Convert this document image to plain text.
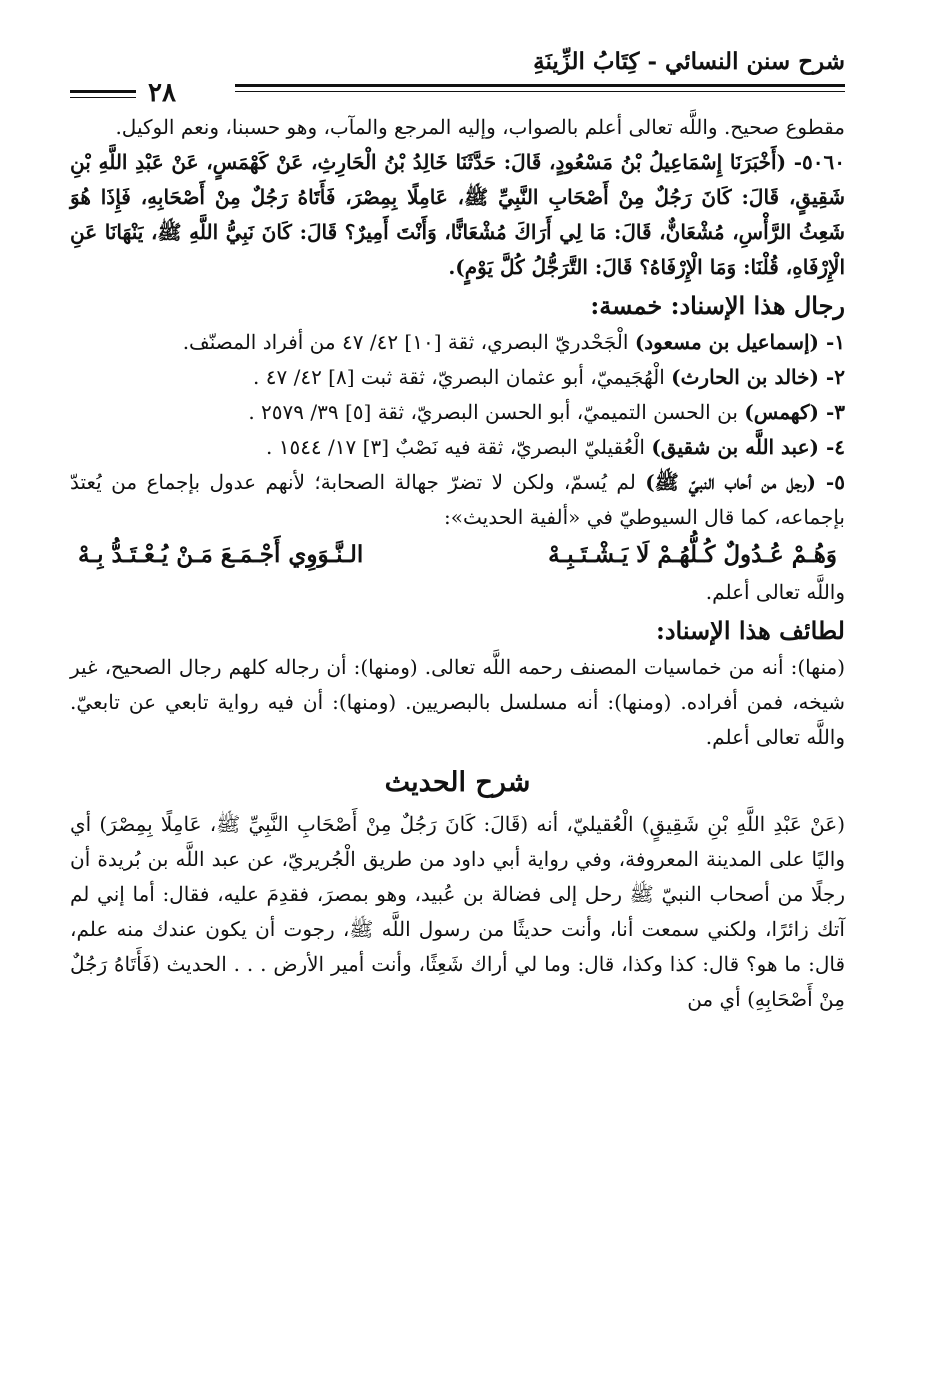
شرح سنن النسائي - كِتَابُ الزِّينَةِ
٢٨

مقطوع صحيح. واللَّه تعالى أعلم بالصواب، وإليه المرجع والمآب، وهو حسبنا، ونعم الوكيل.

٥٠٦٠- (أَخْبَرَنَا إِسْمَاعِيلُ بْنُ مَسْعُودٍ، قَالَ: حَدَّثَنَا خَالِدُ بْنُ الْحَارِثِ، عَنْ كَهْمَسٍ، عَنْ عَبْدِ اللَّهِ بْنِ شَقِيقٍ، قَالَ: كَانَ رَجُلٌ مِنْ أَصْحَابِ النَّبِيِّ ﷺ، عَامِلًا بِمِصْرَ، فَأَتَاهُ رَجُلٌ مِنْ أَصْحَابِهِ، فَإِذَا هُوَ شَعِثُ الرَّأْسِ، مُشْعَانٌّ، قَالَ: مَا لِي أَرَاكَ مُشْعَانًّا، وَأَنْتَ أَمِيرٌ؟ قَالَ: كَانَ نَبِيُّ اللَّهِ ﷺ، يَنْهَانَا عَنِ الْإِرْفَاهِ، قُلْنَا: وَمَا الْإِرْفَاهُ؟ قَالَ: التَّرَجُّلُ كُلَّ يَوْمٍ).

رجال هذا الإسناد: خمسة:

١- (إسماعيل بن مسعود) الْجَحْدريّ البصري، ثقة [١٠] ٤٢/ ٤٧ من أفراد المصنّف.

٢- (خالد بن الحارث) الْهُجَيميّ، أبو عثمان البصريّ، ثقة ثبت [٨] ٤٢/ ٤٧ .

٣- (كهمس) بن الحسن التميميّ، أبو الحسن البصريّ، ثقة [٥] ٣٩/ ٢٥٧٩ .

٤- (عبد اللَّه بن شقيق) الْعُقيليّ البصريّ، ثقة فيه نَصْبٌ [٣] ١٧/ ١٥٤٤ .

٥- (رجل من أحاب النبيّ ﷺ) لم يُسمّ، ولكن لا تضرّ جهالة الصحابة؛ لأنهم عدول بإجماع من يُعتدّ بإجماعه، كما قال السيوطيّ في «ألفية الحديث»:

وَهُـمْ عُـدُولٌ كُـلُّهُـمْ لَا يَـشْـتَـبِـهْ
الـنَّـوَوِي أَجْـمَـعَ مَـنْ يُـعْـتَـدُّ بِـهْ

واللَّه تعالى أعلم.

لطائف هذا الإسناد:

(منها): أنه من خماسيات المصنف رحمه اللَّه تعالى. (ومنها): أن رجاله كلهم رجال الصحيح، غير شيخه، فمن أفراده. (ومنها): أنه مسلسل بالبصريين. (ومنها): أن فيه رواية تابعي عن تابعيّ. واللَّه تعالى أعلم.

شرح الحديث

(عَنْ عَبْدِ اللَّهِ بْنِ شَقِيقٍ) الْعُقيليّ، أنه (قَالَ: كَانَ رَجُلٌ مِنْ أَصْحَابِ النَّبِيِّ ﷺ، عَامِلًا بِمِصْرَ) أي واليًا على المدينة المعروفة، وفي رواية أبي داود من طريق الْجُريريّ، عن عبد اللَّه بن بُريدة أن رجلًا من أصحاب النبيّ ﷺ رحل إلى فضالة بن عُبيد، وهو بمصرَ، فقدِمَ عليه، فقال: أما إني لم آتك زائرًا، ولكني سمعت أنا، وأنت حديثًا من رسول اللَّه ﷺ، رجوت أن يكون عندك منه علم، قال: ما هو؟ قال: كذا وكذا، قال: وما لي أراك شَعِثًا، وأنت أمير الأرض . . . الحديث (فَأَتَاهُ رَجُلٌ مِنْ أَصْحَابِهِ) أي من
